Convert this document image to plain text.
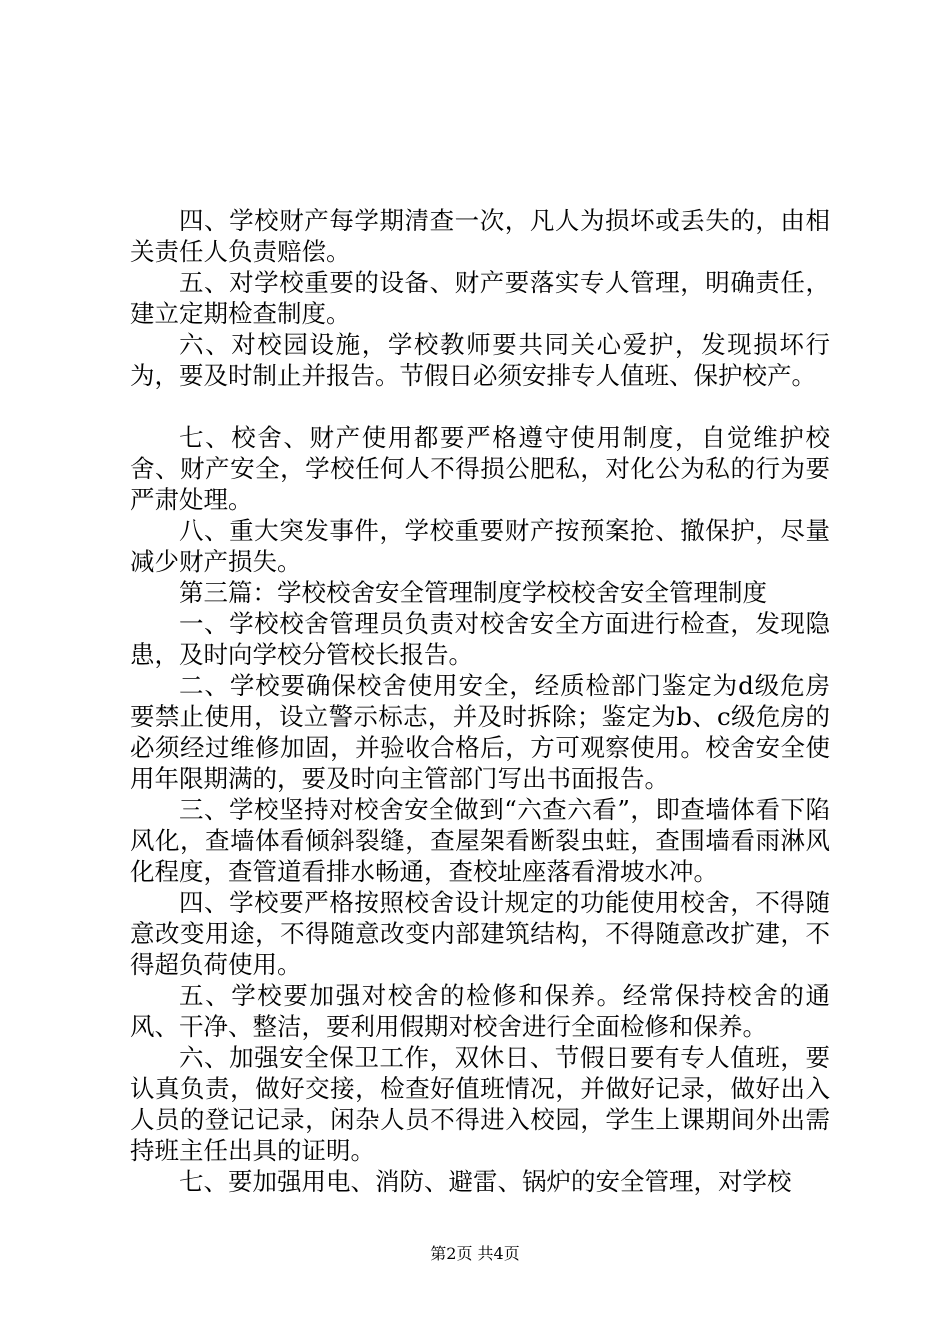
四、学校财产每学期清查一次，凡人为损坏或丢失的，由相关责任人负责赔偿。

五、对学校重要的设备、财产要落实专人管理，明确责任，建立定期检查制度。

六、对校园设施，学校教师要共同关心爱护，发现损坏行为，要及时制止并报告。节假日必须安排专人值班、保护校产。

七、校舍、财产使用都要严格遵守使用制度，自觉维护校舍、财产安全，学校任何人不得损公肥私，对化公为私的行为要严肃处理。

八、重大突发事件，学校重要财产按预案抢、撤保护，尽量减少财产损失。

第三篇：学校校舍安全管理制度学校校舍安全管理制度

一、学校校舍管理员负责对校舍安全方面进行检查，发现隐患，及时向学校分管校长报告。

二、学校要确保校舍使用安全，经质检部门鉴定为d级危房要禁止使用，设立警示标志，并及时拆除；鉴定为b、c级危房的必须经过维修加固，并验收合格后，方可观察使用。校舍安全使用年限期满的，要及时向主管部门写出书面报告。

三、学校坚持对校舍安全做到“六查六看”，即查墙体看下陷风化，查墙体看倾斜裂缝，查屋架看断裂虫蛀，查围墙看雨淋风化程度，查管道看排水畅通，查校址座落看滑坡水冲。

四、学校要严格按照校舍设计规定的功能使用校舍，不得随意改变用途，不得随意改变内部建筑结构，不得随意改扩建，不得超负荷使用。

五、学校要加强对校舍的检修和保养。经常保持校舍的通风、干净、整洁，要利用假期对校舍进行全面检修和保养。

六、加强安全保卫工作，双休日、节假日要有专人值班，要认真负责，做好交接，检查好值班情况，并做好记录，做好出入人员的登记记录，闲杂人员不得进入校园，学生上课期间外出需持班主任出具的证明。

七、要加强用电、消防、避雷、锅炉的安全管理，对学校

第2页 共4页
